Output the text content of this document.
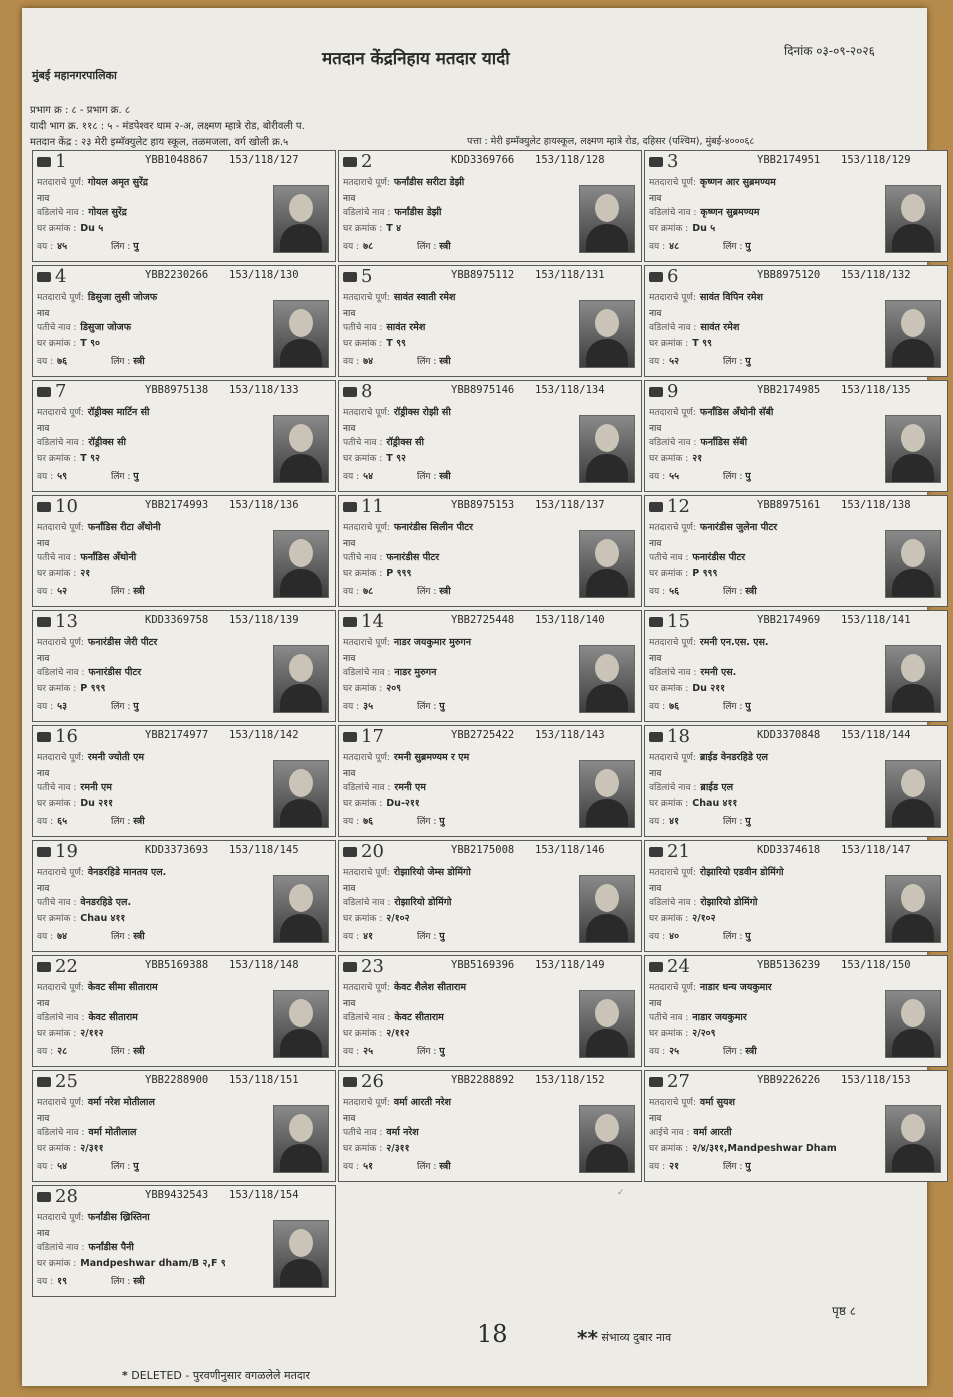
मतदान केंद्रनिहाय मतदार यादी	दिनांक ०३-०९-२०२६
मुंबई महानगरपालिका
प्रभाग क्र : ८ - प्रभाग क्र. ८
यादी भाग क्र. ११८ : ५ - मंडपेश्वर धाम २-अ, लक्ष्मण म्हात्रे रोड, बोरीवली प.
मतदान केंद्र : २३ मेरी इम्मॅक्युलेट हाय स्कूल, तळमजला, वर्ग खोली क्र.५	पत्ता : मेरी इम्मॅक्युलेट हायस्कूल, लक्ष्मण म्हात्रे रोड, दहिसर (पश्चिम), मुंबई-४०००६८
1	YBB1048867 153/118/127
मतदाराचे पूर्ण: गोयल अमृत सुरेंद्र
नाव
वडिलांचे नाव : गोयल सुरेंद्र
घर क्रमांक : Du ५
वय : ४५	लिंग : पु
2	KDD3369766 153/118/128
मतदाराचे पूर्ण: फर्नांडीस सरीटा डेझी
नाव
वडिलांचे नाव : फर्नांडीस डेझी
घर क्रमांक : T ४
वय : ७८	लिंग : स्त्री
3	YBB2174951 153/118/129
मतदाराचे पूर्ण: कृष्णन आर सुब्रमण्यम
नाव
वडिलांचे नाव : कृष्णन सुब्रमण्यम
घर क्रमांक : Du ५
वय : ४८	लिंग : पु
4	YBB2230266 153/118/130
मतदाराचे पूर्ण: डिसुजा लुसी जोजफ
नाव
पतीचे नाव : डिसुजा जोजफ
घर क्रमांक : T ९०
वय : ७६	लिंग : स्त्री
5	YBB8975112 153/118/131
मतदाराचे पूर्ण: सावंत स्वाती रमेश
नाव
पतीचे नाव : सावंत रमेश
घर क्रमांक : T ९९
वय : ७४	लिंग : स्त्री
6	YBB8975120 153/118/132
मतदाराचे पूर्ण: सावंत विपिन रमेश
नाव
वडिलांचे नाव : सावंत रमेश
घर क्रमांक : T ९९
वय : ५२	लिंग : पु
7	YBB8975138 153/118/133
मतदाराचे पूर्ण: रॉड्रीक्स मार्टिन सी
नाव
वडिलांचे नाव : रॉड्रीक्स सी
घर क्रमांक : T ९२
वय : ५९	लिंग : पु
8	YBB8975146 153/118/134
मतदाराचे पूर्ण: रॉड्रीक्स रोझी सी
नाव
पतीचे नाव : रॉड्रीक्स सी
घर क्रमांक : T ९२
वय : ५४	लिंग : स्त्री
9	YBB2174985 153/118/135
मतदाराचे पूर्ण: फर्नांडिस अँथोनी सॅबी
नाव
वडिलांचे नाव : फर्नांडिस सॅबी
घर क्रमांक : २१
वय : ५५	लिंग : पु
10	YBB2174993 153/118/136
मतदाराचे पूर्ण: फर्नांडिस रीटा अँथोनी
नाव
पतीचे नाव : फर्नांडिस अँथोनी
घर क्रमांक : २१
वय : ५२	लिंग : स्त्री
11	YBB8975153 153/118/137
मतदाराचे पूर्ण: फनारंडीस सिलीन पीटर
नाव
पतीचे नाव : फनारंडीस पीटर
घर क्रमांक : P ९९९
वय : ७८	लिंग : स्त्री
12	YBB8975161 153/118/138
मतदाराचे पूर्ण: फनारंडीस जुलेना पीटर
नाव
पतीचे नाव : फनारंडीस पीटर
घर क्रमांक : P ९९९
वय : ५६	लिंग : स्त्री
13	KDD3369758 153/118/139
मतदाराचे पूर्ण: फनारंडीस जेरी पीटर
नाव
वडिलांचे नाव : फनारंडीस पीटर
घर क्रमांक : P ९९९
वय : ५३	लिंग : पु
14	YBB2725448 153/118/140
मतदाराचे पूर्ण: नाडर जयकुमार मुरुगन
नाव
वडिलांचे नाव : नाडर मुरुगन
घर क्रमांक : २०९
वय : ३५	लिंग : पु
15	YBB2174969 153/118/141
मतदाराचे पूर्ण: रमनी एन.एस. एस.
नाव
वडिलांचे नाव : रमनी एस.
घर क्रमांक : Du २११
वय : ७६	लिंग : पु
16	YBB2174977 153/118/142
मतदाराचे पूर्ण: रमनी ज्योती एम
नाव
पतीचे नाव : रमनी एम
घर क्रमांक : Du २११
वय : ६५	लिंग : स्त्री
17	YBB2725422 153/118/143
मतदाराचे पूर्ण: रमनी सुब्रमण्यम र एम
नाव
वडिलांचे नाव : रमनी एम
घर क्रमांक : Du-२११
वय : ७६	लिंग : पु
18	KDD3370848 153/118/144
मतदाराचे पूर्ण: ब्राईड वेनडरहिडे एल
नाव
वडिलांचे नाव : ब्राईड एल
घर क्रमांक : Chau ४११
वय : ४१	लिंग : पु
19	KDD3373693 153/118/145
मतदाराचे पूर्ण: वेनडरहिडे मानतय एल.
नाव
पतीचे नाव : वेनडरहिडे एल.
घर क्रमांक : Chau ४११
वय : ७४	लिंग : स्त्री
20	YBB2175008 153/118/146
मतदाराचे पूर्ण: रोझारियो जेम्स डोमिंगो
नाव
वडिलांचे नाव : रोझारियो डोमिंगो
घर क्रमांक : २/१०२
वय : ४१	लिंग : पु
21	KDD3374618 153/118/147
मतदाराचे पूर्ण: रोझारियो एडवीन डोमिंगो
नाव
वडिलांचे नाव : रोझारियो डोमिंगो
घर क्रमांक : २/१०२
वय : ४०	लिंग : पु
22	YBB5169388 153/118/148
मतदाराचे पूर्ण: केवट सीमा सीताराम
नाव
वडिलांचे नाव : केवट सीताराम
घर क्रमांक : २/११२
वय : २८	लिंग : स्त्री
23	YBB5169396 153/118/149
मतदाराचे पूर्ण: केवट शैलेश सीताराम
नाव
वडिलांचे नाव : केवट सीताराम
घर क्रमांक : २/११२
वय : २५	लिंग : पु
24	YBB5136239 153/118/150
मतदाराचे पूर्ण: नाडार धन्य जयकुमार
नाव
पतीचे नाव : नाडार जयकुमार
घर क्रमांक : २/२०९
वय : २५	लिंग : स्त्री
25	YBB2288900 153/118/151
मतदाराचे पूर्ण: वर्मा नरेश मोतीलाल
नाव
वडिलांचे नाव : वर्मा मोतीलाल
घर क्रमांक : २/३११
वय : ५४	लिंग : पु
26	YBB2288892 153/118/152
मतदाराचे पूर्ण: वर्मा आरती नरेश
नाव
पतीचे नाव : वर्मा नरेश
घर क्रमांक : २/३११
वय : ५१	लिंग : स्त्री
27	YBB9226226 153/118/153
मतदाराचे पूर्ण: वर्मा सुयश
नाव
आईचे नाव : वर्मा आरती
घर क्रमांक : २/४/३११,Mandpeshwar Dham
वय : २१	लिंग : पु
28	YBB9432543 153/118/154
मतदाराचे पूर्ण: फर्नांडीस ख्रिस्तिना
नाव
वडिलांचे नाव : फर्नांडीस पैनी
घर क्रमांक : Mandpeshwar dham/B २,F ९
वय : १९	लिंग : स्त्री
✓
पृष्ठ ८
18	** संभाव्य दुबार नाव
* DELETED - पुरवणीनुसार वगळलेले मतदार
